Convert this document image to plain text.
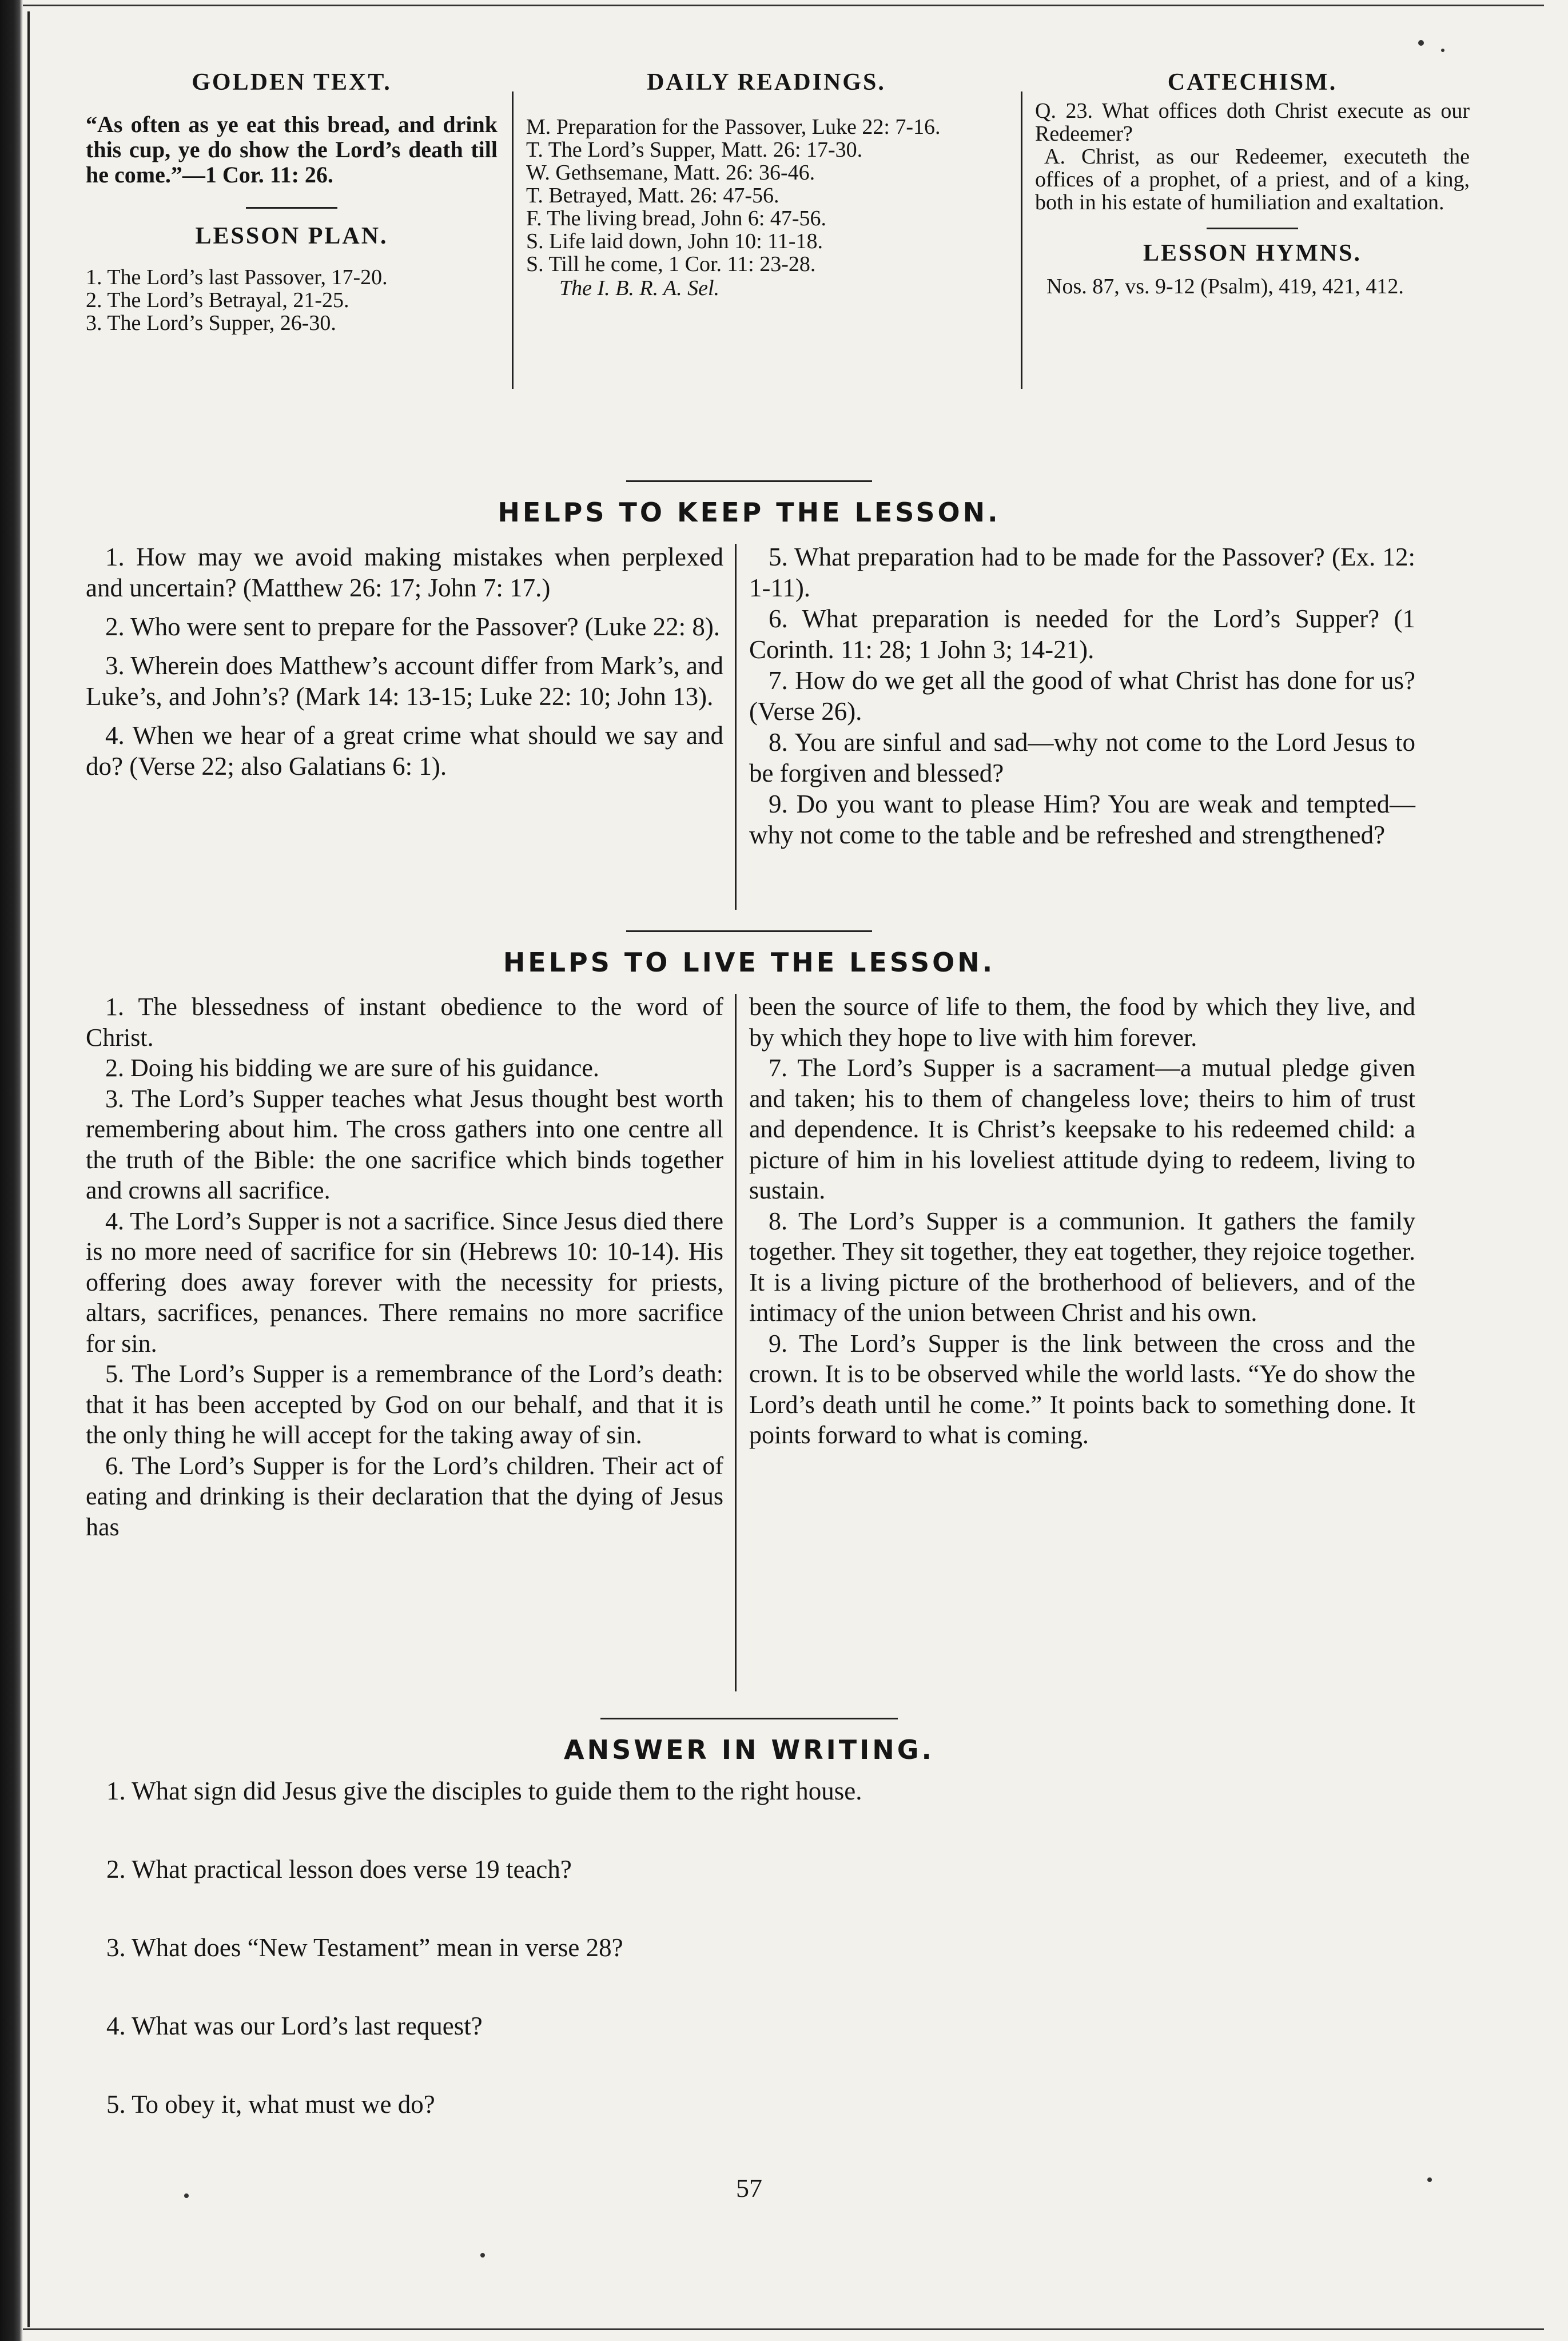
GOLDEN TEXT.
“As often as ye eat this bread, and drink this cup, ye do show the Lord’s death till he come.”—1 Cor. 11: 26.
LESSON PLAN.
1. The Lord’s last Passover, 17-20.
2. The Lord’s Betrayal, 21-25.
3. The Lord’s Supper, 26-30.
DAILY READINGS.
M. Preparation for the Passover, Luke 22: 7-16.
T. The Lord’s Supper, Matt. 26: 17-30.
W. Gethsemane, Matt. 26: 36-46.
T. Betrayed, Matt. 26: 47-56.
F. The living bread, John 6: 47-56.
S. Life laid down, John 10: 11-18.
S. Till he come, 1 Cor. 11: 23-28.
The I. B. R. A. Sel.
CATECHISM.

Q. 23. What offices doth Christ execute as our Redeemer?

A. Christ, as our Redeemer, executeth the offices of a prophet, of a priest, and of a king, both in his estate of humiliation and exaltation.

LESSON HYMNS.

Nos. 87, vs. 9-12 (Psalm), 419, 421, 412.

HELPS TO KEEP THE LESSON.

1. How may we avoid making mistakes when perplexed and uncertain? (Matthew 26: 17; John 7: 17.)

2. Who were sent to prepare for the Passover? (Luke 22: 8).

3. Wherein does Matthew’s account differ from Mark’s, and Luke’s, and John’s? (Mark 14: 13-15; Luke 22: 10; John 13).

4. When we hear of a great crime what should we say and do? (Verse 22; also Galatians 6: 1).

5. What preparation had to be made for the Passover? (Ex. 12: 1-11).

6. What preparation is needed for the Lord’s Supper? (1 Corinth. 11: 28; 1 John 3; 14-21).

7. How do we get all the good of what Christ has done for us? (Verse 26).

8. You are sinful and sad—why not come to the Lord Jesus to be forgiven and blessed?

9. Do you want to please Him? You are weak and tempted—why not come to the table and be refreshed and strengthened?

HELPS TO LIVE THE LESSON.

1. The blessedness of instant obedience to the word of Christ.

2. Doing his bidding we are sure of his guidance.

3. The Lord’s Supper teaches what Jesus thought best worth remembering about him. The cross gathers into one centre all the truth of the Bible: the one sacrifice which binds together and crowns all sacrifice.

4. The Lord’s Supper is not a sacrifice. Since Jesus died there is no more need of sacrifice for sin (Hebrews 10: 10-14). His offering does away forever with the necessity for priests, altars, sacrifices, penances. There remains no more sacrifice for sin.

5. The Lord’s Supper is a remembrance of the Lord’s death: that it has been accepted by God on our behalf, and that it is the only thing he will accept for the taking away of sin.

6. The Lord’s Supper is for the Lord’s children. Their act of eating and drinking is their declaration that the dying of Jesus has

been the source of life to them, the food by which they live, and by which they hope to live with him forever.

7. The Lord’s Supper is a sacrament—a mutual pledge given and taken; his to them of changeless love; theirs to him of trust and dependence. It is Christ’s keepsake to his redeemed child: a picture of him in his loveliest attitude dying to redeem, living to sustain.

8. The Lord’s Supper is a communion. It gathers the family together. They sit together, they eat together, they rejoice together. It is a living picture of the brotherhood of believers, and of the intimacy of the union between Christ and his own.

9. The Lord’s Supper is the link between the cross and the crown. It is to be observed while the world lasts. “Ye do show the Lord’s death until he come.” It points back to something done. It points forward to what is coming.

ANSWER IN WRITING.

1. What sign did Jesus give the disciples to guide them to the right house.

2. What practical lesson does verse 19 teach?

3. What does “New Testament” mean in verse 28?

4. What was our Lord’s last request?

5. To obey it, what must we do?

57
